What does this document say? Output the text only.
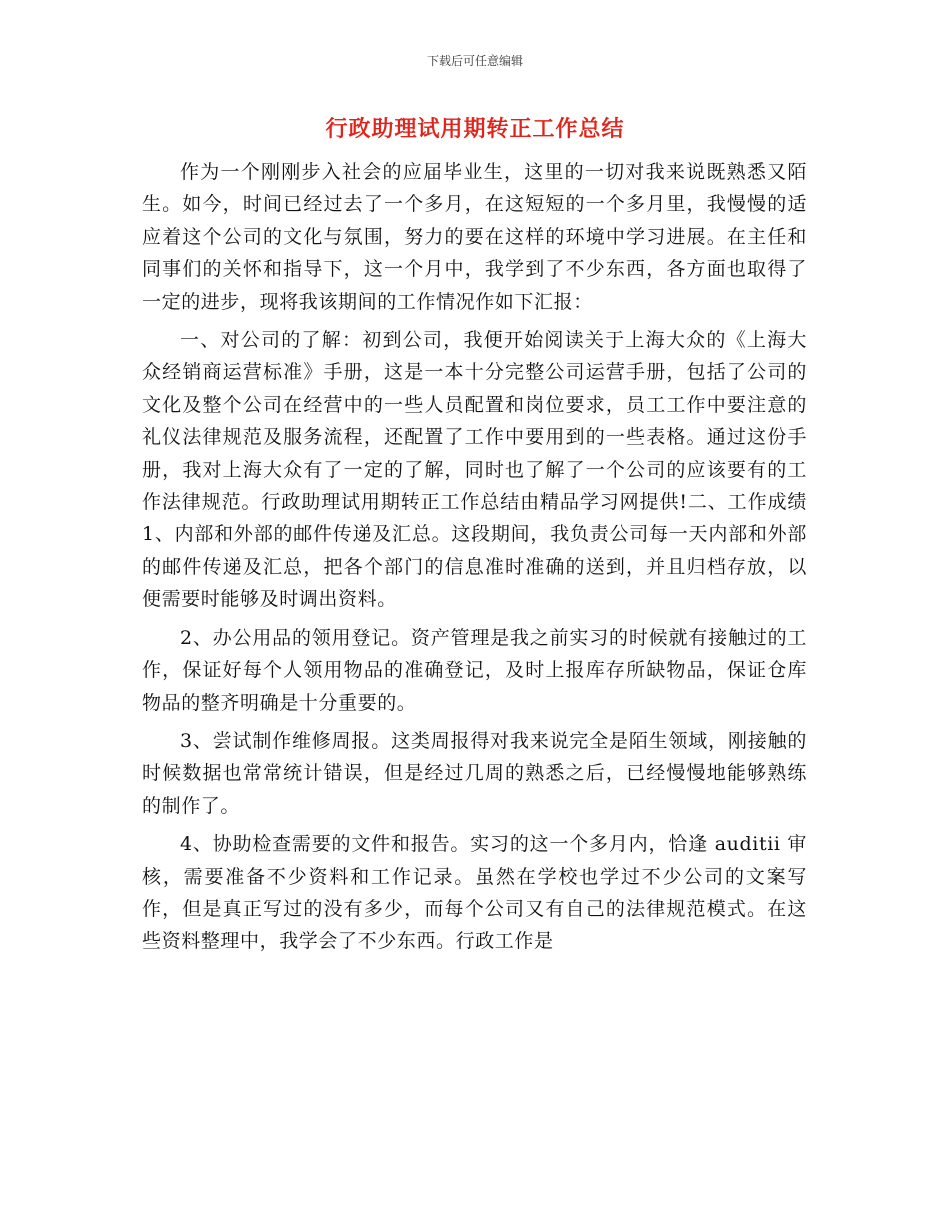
下载后可任意编辑
行政助理试用期转正工作总结

作为一个刚刚步入社会的应届毕业生，这里的一切对我来说既熟悉又陌生。如今，时间已经过去了一个多月，在这短短的一个多月里，我慢慢的适应着这个公司的文化与氛围，努力的要在这样的环境中学习进展。在主任和同事们的关怀和指导下，这一个月中，我学到了不少东西，各方面也取得了一定的进步，现将我该期间的工作情况作如下汇报：

一、对公司的了解：初到公司，我便开始阅读关于上海大众的《上海大众经销商运营标准》手册，这是一本十分完整公司运营手册，包括了公司的文化及整个公司在经营中的一些人员配置和岗位要求，员工工作中要注意的礼仪法律规范及服务流程，还配置了工作中要用到的一些表格。通过这份手册，我对上海大众有了一定的了解，同时也了解了一个公司的应该要有的工作法律规范。行政助理试用期转正工作总结由精品学习网提供!二、工作成绩 1、内部和外部的邮件传递及汇总。这段期间，我负责公司每一天内部和外部的邮件传递及汇总，把各个部门的信息准时准确的送到，并且归档存放，以便需要时能够及时调出资料。

2、办公用品的领用登记。资产管理是我之前实习的时候就有接触过的工作，保证好每个人领用物品的准确登记，及时上报库存所缺物品，保证仓库物品的整齐明确是十分重要的。

3、尝试制作维修周报。这类周报得对我来说完全是陌生领域，刚接触的时候数据也常常统计错误，但是经过几周的熟悉之后，已经慢慢地能够熟练的制作了。

4、协助检查需要的文件和报告。实习的这一个多月内，恰逢 auditii 审核，需要准备不少资料和工作记录。虽然在学校也学过不少公司的文案写作，但是真正写过的没有多少，而每个公司又有自己的法律规范模式。在这些资料整理中，我学会了不少东西。行政工作是
